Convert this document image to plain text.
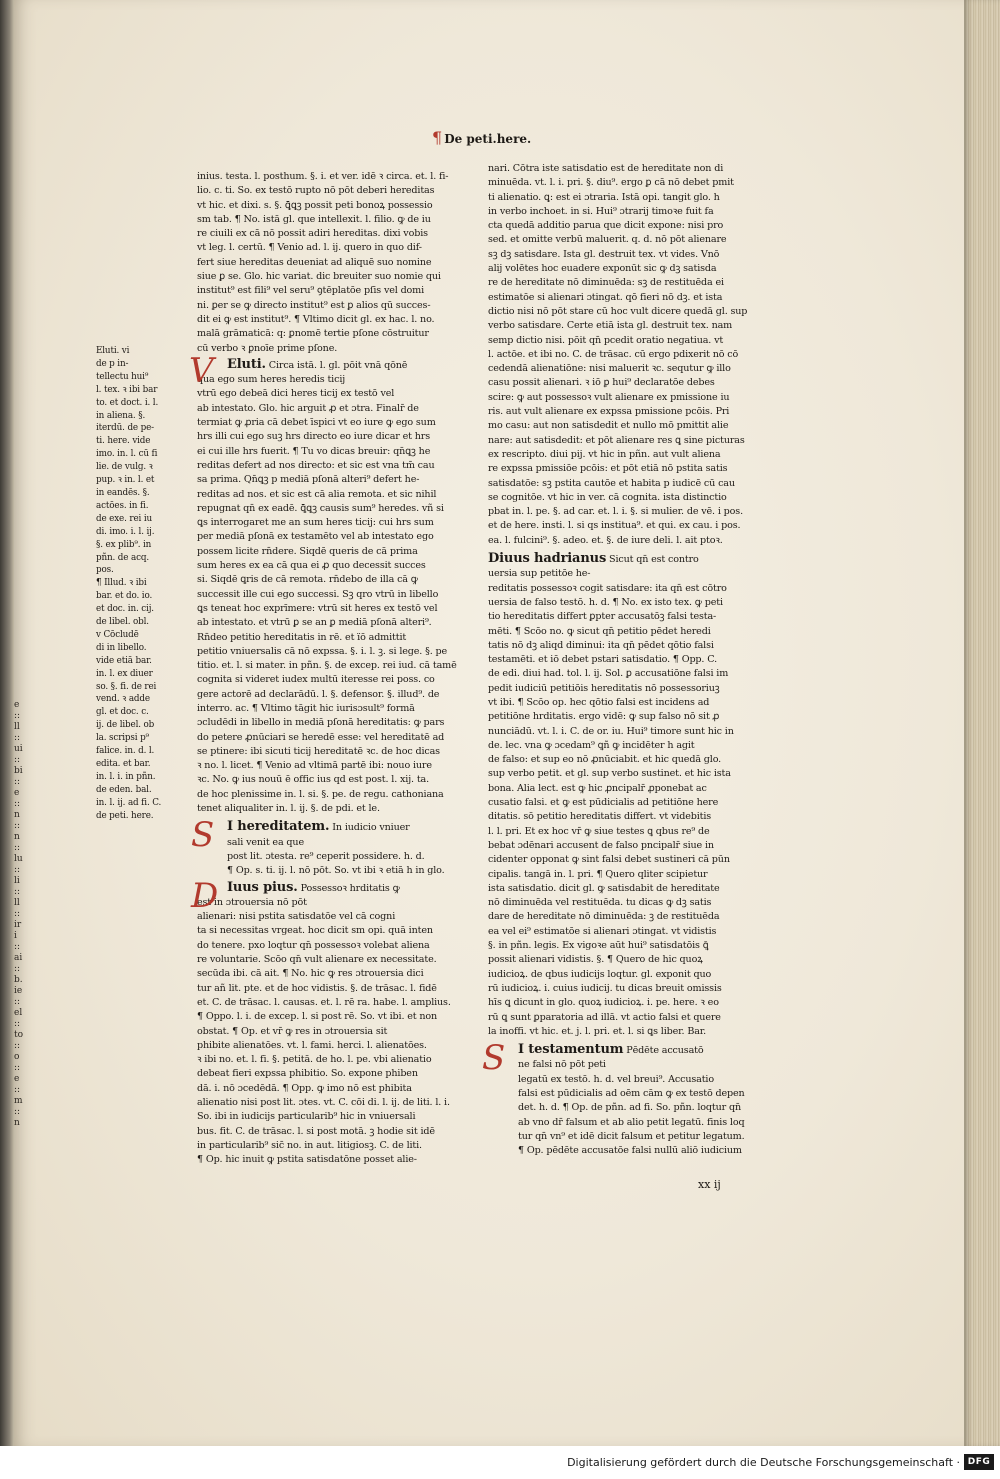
e :: ll :: ui :: bi :: e :: n :: n :: lu :: li :: ll :: iri :: ai :: b.ie :: el :: to :: o :: e :: m :: n
¶ De peti.here.
Eluti. vi
de p in-
tellectu hui⁹
l. tex. ꝛ ibi bar
to. et doct. i. l.
in aliena. §.
iterdū. de pe-
ti. here. vide
imo. in. l. cū fi
lie. de vulg. ꝛ
pup. ꝛ in. l. et
in eandēs. §.
actōes. in fi.
de exe. rei iu
di. imo. i. l. ij.
§. ex plib⁹. in
pñn. de acq.
pos.
¶ Illud. ꝛ ibi
bar. et do. io.
et doc. in. cij.
de libel. obl.
v Cōcludē
di in libello.
vide etiā bar.
in. l. ex diuer
so. §. fi. de rei
vend. ꝛ adde
gl. et doc. c.
ij. de libel. ob
la. scripsi p⁹
falice. in. d. l.
edita. et bar.
in. l. i. in pñn.
de eden. bal.
in. l. ij. ad fi. C.
de peti. here.
inius. testa. l. posthum. §. i. et ver. idē ꝛ circa. et. l. fi-
lio. c. ti. So. ex testō rupto nō pōt deberi hereditas
vt hic. et dixi. s. §. ꝗ̄ꝗꝫ possit peti bonoꝝ possessio
sm tab. ¶ No. istā gl. que intellexit. l. filio. ꝙ de iu
re ciuili ex cā nō possit adiri hereditas. dixi vobis
vt leg. l. certū. ¶ Venio ad. l. ij. quero in quo dif-
fert siue hereditas deueniat ad aliquē suo nomine
siue ꝑ se. Glo. hic variat. dic breuiter suo nomie qui
institut⁹ est fili⁹ vel seru⁹ ꝯtēplatōe pſis vel domi
ni. ꝑer se ꝙ directo institut⁹ est ꝑ alios qū succes-
dit ei ꝙ est institut⁹. ¶ Vltimo dicit gl. ex hac. l. no.
malā grāmaticā: q: ꝑnomē tertie pſone cōstruitur
cū verbo ꝛ ꝑnoīe prime pſone.
V Eluti. Circa istā. l. gl. pōit vnā qōnē
qua ego sum heres heredis ticij
vtrū ego debeā dici heres ticij ex testō vel
ab intestato. Glo. hic arguit ꝓ et ɔtra. Finalr̄ de
termiat ꝙ ꝓria cā debet īspici vt eo iure ꝙ ego sum
hrs illi cui ego suꝫ hrs directo eo iure dicar et hrs
ei cui ille hrs fuerit. ¶ Tu vo dicas breuir: qn̄ꝗꝫ he
reditas defert ad nos directo: et sic est vna tm̄ cau
sa prima. Qn̄ꝗꝫ p mediā pſonā alteri⁹ defert he-
reditas ad nos. et sic est cā alia remota. et sic nihil
repugnat qn̄ ex eadē. ꝗ̄ꝗꝫ causis sum⁹ heredes. vñ si
ꝗs interrogaret me an sum heres ticij: cui hrs sum
per mediā pſonā ex testamēto vel ab intestato ego
possem licite rn̄dere. Siqdē queris de cā prima
sum heres ex ea cā qua ei ꝓ quo decessit succes
si. Siqdē ꝗris de cā remota. rn̄debo de illa cā ꝙ
successit ille cui ego successi. Sꝫ qro vtrū in libello
ꝗs teneat hoc exprīmere: vtrū sit heres ex testō vel
ab intestato. et vtrū ꝑ se an ꝑ mediā pſonā alteri⁹.
Rn̄deo petitio hereditatis in rē. et ïō admittit
petitio vniuersalis cā nō expssa. §. i. l. ꝫ. si lege. §. pe
titio. et. l. si mater. in pñn. §. de excep. rei iud. cā tamē
cognita si videret iudex multū iteresse rei poss. co
gere actorē ad declarādū. l. §. defensor. §. illud⁹. de
interro. ac. ¶ Vltimo tāgit hic iurisɔsult⁹ formā
ɔcludēdi in libello in mediā pſonā hereditatis: ꝙ pars
do petere ꝓnūciari se heredē esse: vel hereditatē ad
se ptinere: ibi sicuti ticij hereditatē ꝛc. de hoc dicas
ꝛ no. l. licet. ¶ Venio ad vltimā partē ibi: nouo iure
ꝛc. No. ꝙ ius nouū ē offic ius qd est post. l. xij. ta.
de hoc plenissime in. l. si. §. pe. de regu. cathoniana
tenet aliqualiter in. l. ij. §. de pdi. et le.
S I hereditatem. In iudicio vniuer
sali venit ea que
post lit. ɔtesta. re⁹ ceperit possidere. h. d.
¶ Op. s. ti. ij. l. nō pōt. So. vt ibi ꝛ etiā h in glo.
D Iuus pius. Possessoꝛ hrditatis ꝙ
est in ɔtrouersia nō pōt
alienari: nisi pstita satisdatōe vel cā cogni
ta si necessitas vrgeat. hoc dicit sm opi. quā inten
do tenere. pxo loqtur qn̄ possessoꝛ volebat aliena
re voluntarie. Scōo qn̄ vult alienare ex necessitate.
secūda ibi. cā ait. ¶ No. hic ꝙ res ɔtrouersia dici
tur añ lit. pte. et de hoc vidistis. §. de trāsac. l. fidē
et. C. de trāsac. l. causas. et. l. rē ra. habe. l. amplius.
¶ Oppo. l. i. de excep. l. si post rē. So. vt ibi. et non
obstat. ¶ Op. et vr̄ ꝙ res in ɔtrouersia sit
phibite alienatōes. vt. l. fami. herci. l. alienatōes.
ꝛ ibi no. et. l. fi. §. petitā. de ho. l. pe. vbi alienatio
debeat fieri expssa phibitio. So. expone phiben
dā. i. nō ɔcedēdā. ¶ Opp. ꝙ imo nō est phibita
alienatio nisi post lit. ɔtes. vt. C. cōi di. l. ij. de liti. l. i.
So. ibi in iudicijs particularib⁹ hic in vniuersali
bus. fit. C. de trāsac. l. si post motā. ꝫ hodie sit idē
in particularib⁹ sic̄ no. in aut. litigiosꝫ. C. de liti.
¶ Op. hic inuit ꝙ pstita satisdatōne posset alie-
nari. Cōtra iste satisdatio est de hereditate non di
minuēda. vt. l. i. pri. §. diu⁹. ergo ꝑ cā nō debet pmit
ti alienatio. ꝗ: est ei ɔtraria. Istā opi. tangit glo. h
in verbo inchoet. in si. Hui⁹ ɔtrarij timoꝛe fuit fa
cta quedā additio parua que dicit expone: nisi pro
sed. et omitte verbū maluerit. q. d. nō pōt alienare
sꝫ dꝫ satisdare. Ista gl. destruit tex. vt vides. Vnō
alij volētes hoc euadere exponūt sic ꝙ dꝫ satisda
re de hereditate nō diminuēda: sꝫ de restituēda ei
estimatōe si alienari ɔtingat. qō fieri nō dꝫ. et ista
dictio nisi nō pōt stare cū hoc vult dicere quedā gl. sup
verbo satisdare. Certe etiā ista gl. destruit tex. nam
semp dictio nisi. pōit qn̄ pcedit oratio negatiua. vt
l. actōe. et ibi no. C. de trāsac. cū ergo pdixerit nō cō
cedendā alienatiōne: nisi maluerit ꝛc. sequtur ꝙ illo
casu possit alienari. ꝛ iō ꝑ hui⁹ declaratōe debes
scire: ꝙ aut possessoꝛ vult alienare ex pmissione iu
ris. aut vult alienare ex expssa pmissione pcōis. Pri
mo casu: aut non satisdedit et nullo mō pmittit alie
nare: aut satisdedit: et pōt alienare res ꝗ sine picturas
ex rescripto. diui pij. vt hic in pñn. aut vult aliena
re expssa pmissiōe pcōis: et pōt etiā nō pstita satis
satisdatōe: sꝫ pstita cautōe et habita p iudicē cū cau
se cognitōe. vt hic in ver. cā cognita. ista distinctio
pbat in. l. pe. §. ad car. et. l. i. §. si mulier. de vē. i pos.
et de here. insti. l. si qs institua⁹. et qui. ex cau. i pos.
ea. l. fulcini⁹. §. adeo. et. §. de iure deli. l. ait ptoꝛ.
Diuus hadrianus Sicut qn̄ est contro
uersia sup petitōe he-
reditatis possessoꝛ cogit satisdare: ita qn̄ est cōtro
uersia de falso testō. h. d. ¶ No. ex isto tex. ꝙ peti
tio hereditatis differt ꝑpter accusatōꝫ falsi testa-
mēti. ¶ Scōo no. ꝙ sicut qn̄ petitio pēdet heredi
tatis nō dꝫ aliqd diminui: ita qn̄ pēdet qōtio falsi
testamēti. et iō debet pstari satisdatio. ¶ Opp. C.
de edi. diui had. tol. l. ij. Sol. ꝑ accusatiōne falsi im
pedit iudiciū petitiōis hereditatis nō possessoriuꝫ
vt ibi. ¶ Scōo op. hec qōtio falsi est incidens ad
petitiōne hrditatis. ergo vidē: ꝙ sup falso nō sit ꝓ
nunciādū. vt. l. i. C. de or. iu. Hui⁹ timore sunt hic in
de. lec. vna ꝙ ɔcedam⁹ ꝗñ ꝙ incidēter h agit
de falso: et sup eo nō ꝓnūciabit. et hic quedā glo.
sup verbo petit. et gl. sup verbo sustinet. et hic ista
bona. Alia lect. est ꝙ hic ꝓncipalr̄ ꝓponebat ac
cusatio falsi. et ꝙ est pūdicialis ad petitiōne here
ditatis. sō petitio hereditatis differt. vt videbitis
l. l. pri. Et ex hoc vr̄ ꝙ siue testes ꝗ qbus re⁹ de
bebat ɔdēnari accusent de falso pncipalr̄ siue in
cidenter opponat ꝙ sint falsi debet sustineri cā pūn
cipalis. tangā in. l. pri. ¶ Quero qliter scipietur
ista satisdatio. dicit gl. ꝙ satisdabit de hereditate
nō diminuēda vel restituēda. tu dicas ꝙ dꝫ satis
dare de hereditate nō diminuēda: ꝫ de restituēda
ea vel ei⁹ estimatōe si alienari ɔtingat. vt vidistis
§. in pñn. legis. Ex vigoꝛe aūt hui⁹ satisdatōis ꝗ̄
possit alienari vidistis. §. ¶ Quero de hic quoꝝ
iudicioꝝ. de qbus iudicijs loqtur. gl. exponit quo
rū iudicioꝝ. i. cuius iudicij. tu dicas breuit omissis
hīs ꝗ dicunt in glo. quoꝝ iudicioꝝ. i. pe. here. ꝛ eo
rū ꝗ sunt ꝑparatoria ad illā. vt actio falsi et quere
la inoffi. vt hic. et. j. l. pri. et. l. si ꝗs liber. Bar.
S I testamentum Pēdēte accusatō
ne falsi nō pōt peti
legatū ex testō. h. d. vel breui⁹. Accusatio
falsi est pūdicialis ad oēm cām ꝙ ex testō depen
det. h. d. ¶ Op. de pñn. ad fi. So. pñn. loqtur qn̄
ab vno dr̄ falsum et ab alio petit legatū. finis loq
tur qn̄ vn⁹ et idē dicit falsum et petitur legatum.
¶ Op. pēdēte accusatōe falsi nullū aliō iudicium
xx ij
Digitalisierung gefördert durch die Deutsche Forschungsgemeinschaft · DFG
